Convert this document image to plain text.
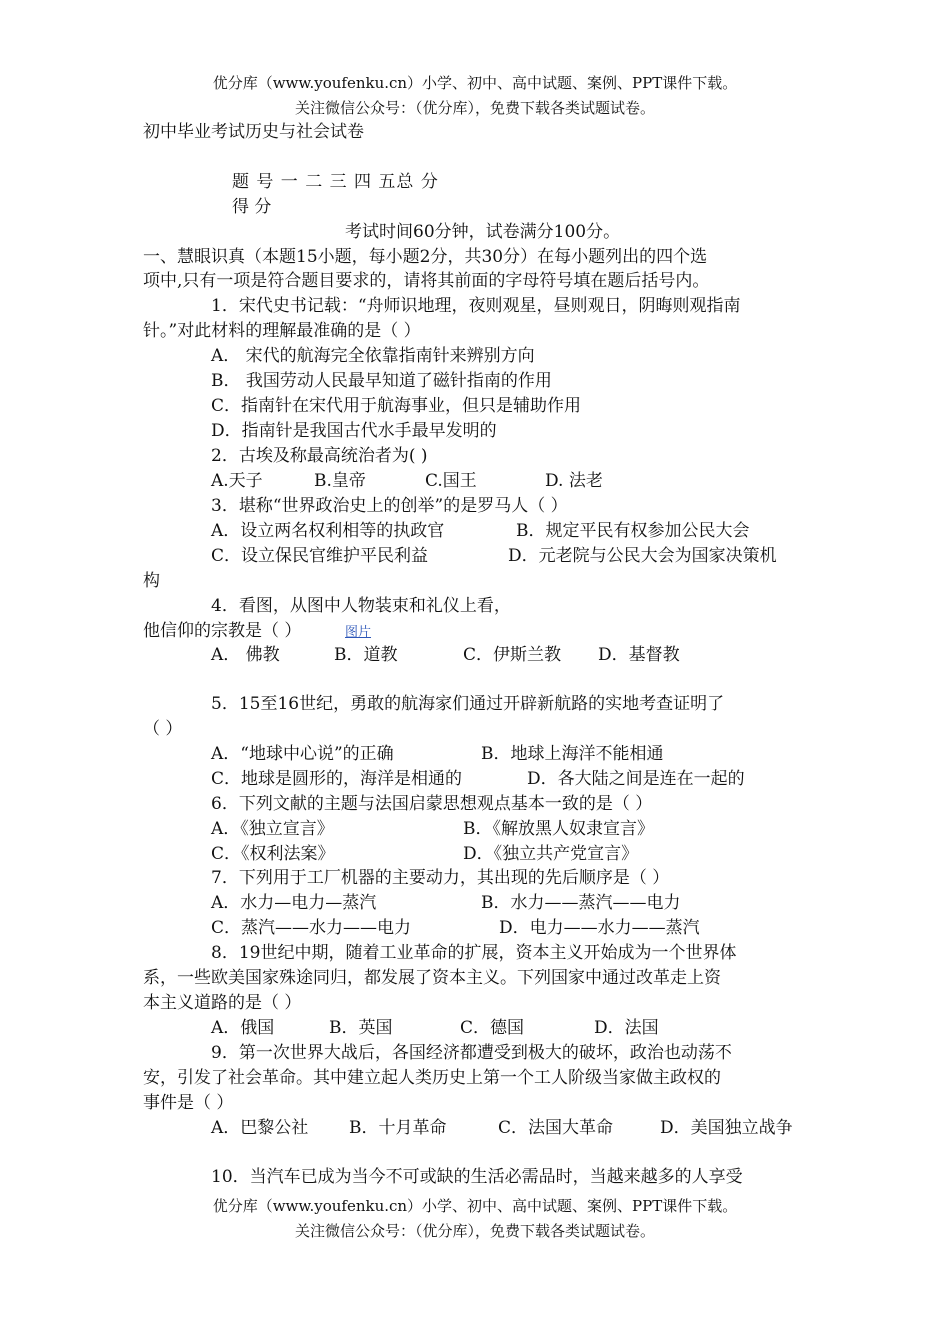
优分库（www.youfenku.cn）小学、初中、高中试题、案例、PPT课件下载。
关注微信公众号：（优分库），免费下载各类试题试卷。
初中毕业考试历史与社会试卷
题 号 一 二 三 四 五总 分
得 分
考试时间60分钟，试卷满分100分。
一、慧眼识真（本题15小题，每小题2分，共30分）在每小题列出的四个选
项中,只有一项是符合题目要求的，请将其前面的字母符号填在题后括号内。
1．宋代史书记载：“舟师识地理，夜则观星，昼则观日，阴晦则观指南
针。”对此材料的理解最准确的是（ ）
A． 宋代的航海完全依靠指南针来辨别方向
B． 我国劳动人民最早知道了磁针指南的作用
C．指南针在宋代用于航海事业，但只是辅助作用
D．指南针是我国古代水手最早发明的
2．古埃及称最高统治者为( )
A.天子	B.皇帝	C.国王	D. 法老
3．堪称“世界政治史上的创举”的是罗马人（ ）
A．设立两名权利相等的执政官	B．规定平民有权参加公民大会
C．设立保民官维护平民利益	D．元老院与公民大会为国家决策机
构
4．看图，从图中人物装束和礼仪上看，
他信仰的宗教是（ ）	图片
A． 佛教	B．道教	C．伊斯兰教 D．基督教
5．15至16世纪，勇敢的航海家们通过开辟新航路的实地考查证明了
（ ）
A．“地球中心说”的正确	B．地球上海洋不能相通
C．地球是圆形的，海洋是相通的	D．各大陆之间是连在一起的
6．下列文献的主题与法国启蒙思想观点基本一致的是（ ）
A．《独立宣言》	B．《解放黑人奴隶宣言》
C．《权利法案》	D．《独立共产党宣言》
7．下列用于工厂机器的主要动力，其出现的先后顺序是（ ）
A．水力—电力—蒸汽	B．水力——蒸汽——电力
C．蒸汽——水力——电力	D．电力——水力——蒸汽
8．19世纪中期，随着工业革命的扩展，资本主义开始成为一个世界体
系，一些欧美国家殊途同归，都发展了资本主义。下列国家中通过改革走上资
本主义道路的是（ ）
A．俄国	B．英国	C．德国	D．法国
9．第一次世界大战后，各国经济都遭受到极大的破坏，政治也动荡不
安，引发了社会革命。其中建立起人类历史上第一个工人阶级当家做主政权的
事件是（ ）
A．巴黎公社 B．十月革命	C．法国大革命	D．美国独立战争
10．当汽车已成为当今不可或缺的生活必需品时，当越来越多的人享受
优分库（www.youfenku.cn）小学、初中、高中试题、案例、PPT课件下载。
关注微信公众号：（优分库），免费下载各类试题试卷。
